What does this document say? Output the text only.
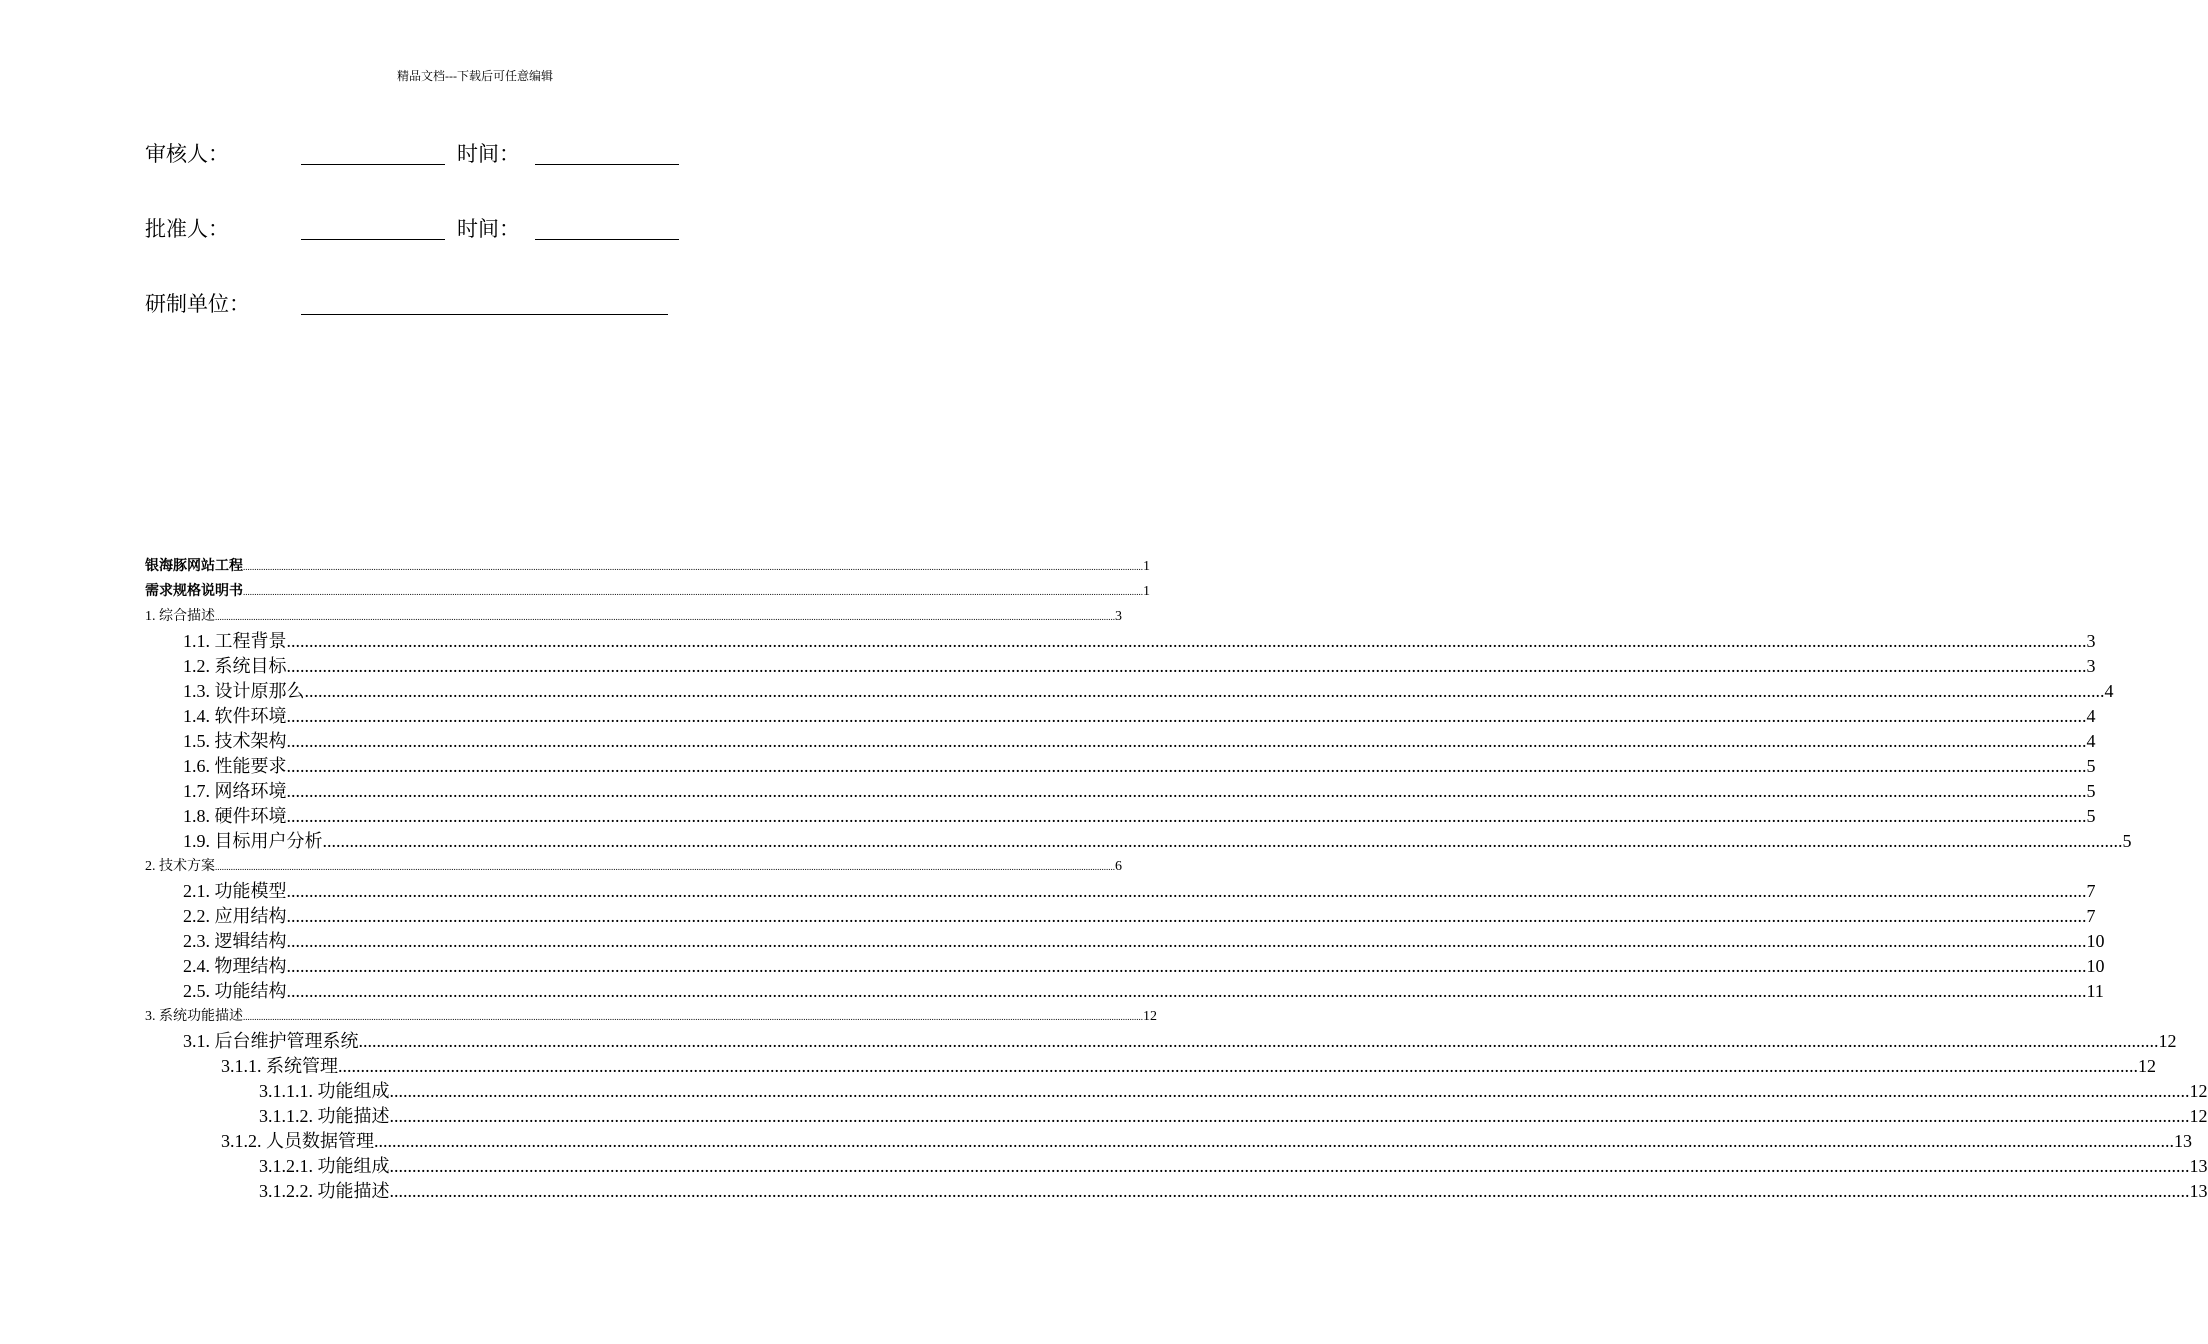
精品文档---下载后可任意编辑
审核人：	时间：
批准人：	时间：
研制单位：
银海豚网站工程 ................................................................................................................................................................................................................................................................................................................................................................................................................ 1
需求规格说明书 ................................................................................................................................................................................................................................................................................................................................................................................................................ 1
1. 综合描述 ................................................................................................................................................................................................................................................................................................................................................................................................................ 3
1.1. 工程背景 ................................................................................................................................................................................................................................................................................................................................................................................................................ 3
1.2. 系统目标 ................................................................................................................................................................................................................................................................................................................................................................................................................ 3
1.3. 设计原那么 ................................................................................................................................................................................................................................................................................................................................................................................................................ 4
1.4. 软件环境 ................................................................................................................................................................................................................................................................................................................................................................................................................ 4
1.5. 技术架构 ................................................................................................................................................................................................................................................................................................................................................................................................................ 4
1.6. 性能要求 ................................................................................................................................................................................................................................................................................................................................................................................................................ 5
1.7. 网络环境 ................................................................................................................................................................................................................................................................................................................................................................................................................ 5
1.8. 硬件环境 ................................................................................................................................................................................................................................................................................................................................................................................................................ 5
1.9. 目标用户分析 ................................................................................................................................................................................................................................................................................................................................................................................................................ 5
2. 技术方案 ................................................................................................................................................................................................................................................................................................................................................................................................................ 6
2.1. 功能模型 ................................................................................................................................................................................................................................................................................................................................................................................................................ 7
2.2. 应用结构 ................................................................................................................................................................................................................................................................................................................................................................................................................ 7
2.3. 逻辑结构 ................................................................................................................................................................................................................................................................................................................................................................................................................ 10
2.4. 物理结构 ................................................................................................................................................................................................................................................................................................................................................................................................................ 10
2.5. 功能结构 ................................................................................................................................................................................................................................................................................................................................................................................................................ 11
3. 系统功能描述 ................................................................................................................................................................................................................................................................................................................................................................................................................ 12
3.1. 后台维护管理系统 ................................................................................................................................................................................................................................................................................................................................................................................................................ 12
3.1.1. 系统管理 ................................................................................................................................................................................................................................................................................................................................................................................................................ 12
3.1.1.1. 功能组成 ................................................................................................................................................................................................................................................................................................................................................................................................................ 12
3.1.1.2. 功能描述 ................................................................................................................................................................................................................................................................................................................................................................................................................ 12
3.1.2. 人员数据管理 ................................................................................................................................................................................................................................................................................................................................................................................................................ 13
3.1.2.1. 功能组成 ................................................................................................................................................................................................................................................................................................................................................................................................................ 13
3.1.2.2. 功能描述 ................................................................................................................................................................................................................................................................................................................................................................................................................ 13
